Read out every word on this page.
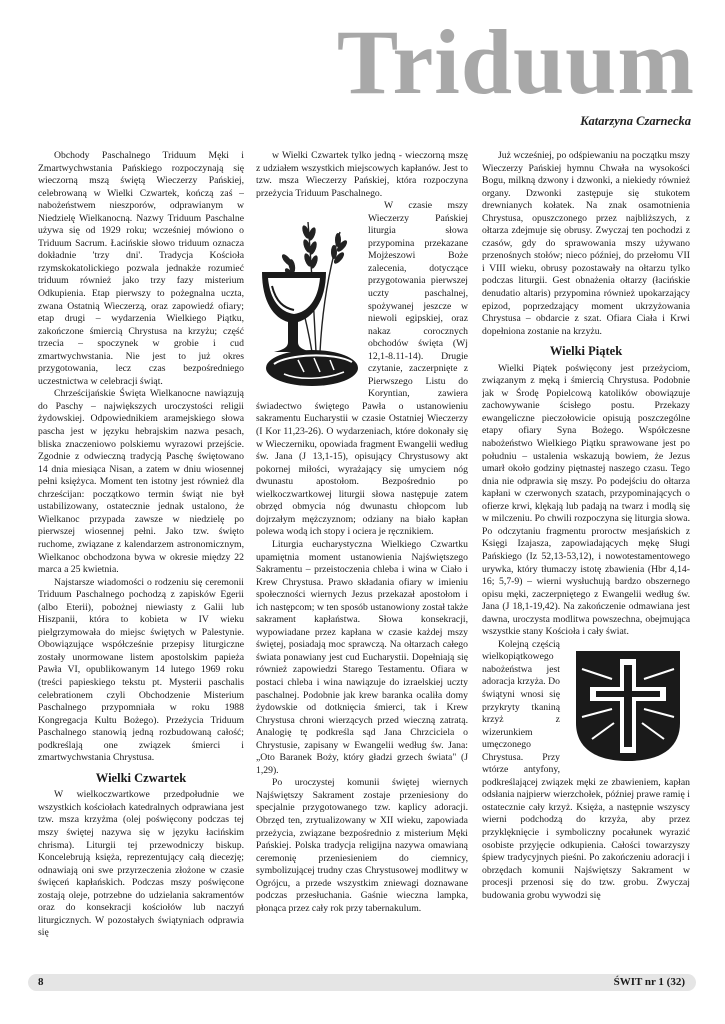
Triduum

Katarzyna Czarnecka

Obchody Paschalnego Triduum Męki i Zmartwychwstania Pańskiego rozpoczynają się wieczorną mszą świętą Wieczerzy Pańskiej, celebrowaną w Wielki Czwartek, kończą zaś – nabożeństwem nieszporów, odprawianym w Niedzielę Wielkanocną. Nazwy Triduum Paschalne używa się od 1929 roku; wcześniej mówiono o Triduum Sacrum. Łacińskie słowo triduum oznacza dokładnie 'trzy dni'. Tradycja Kościoła rzymskokatolickiego pozwala jednakże rozumieć triduum również jako trzy fazy misterium Odkupienia. Etap pierwszy to pożegnalna uczta, zwana Ostatnią Wieczerzą, oraz zapowiedź ofiary; etap drugi – wydarzenia Wielkiego Piątku, zakończone śmiercią Chrystusa na krzyżu; część trzecia – spoczynek w grobie i cud zmartwychwstania. Nie jest to już okres przygotowania, lecz czas bezpośredniego uczestnictwa w celebracji świąt.

Chrześcijańskie Święta Wielkanocne nawiązują do Paschy – największych uroczystości religii żydowskiej. Odpowiednikiem aramejskiego słowa pascha jest w języku hebrajskim nazwa pesach, bliska znaczeniowo polskiemu wyrazowi przejście. Zgodnie z odwieczną tradycją Paschę świętowano 14 dnia miesiąca Nisan, a zatem w dniu wiosennej pełni księżyca. Moment ten istotny jest również dla chrześcijan: początkowo termin świąt nie był ustabilizowany, ostatecznie jednak ustalono, że Wielkanoc przypada zawsze w niedzielę po pierwszej wiosennej pełni. Jako tzw. święto ruchome, związane z kalendarzem astronomicznym, Wielkanoc obchodzona bywa w okresie między 22 marca a 25 kwietnia.

Najstarsze wiadomości o rodzeniu się ceremonii Triduum Paschalnego pochodzą z zapisków Egerii (albo Eterii), pobożnej niewiasty z Galii lub Hiszpanii, która to kobieta w IV wieku pielgrzymowała do miejsc świętych w Palestynie. Obowiązujące współcześnie przepisy liturgiczne zostały unormowane listem apostolskim papieża Pawła VI, opublikowanym 14 lutego 1969 roku (treści papieskiego tekstu pt. Mysterii paschalis celebrationem czyli Obchodzenie Misterium Paschalnego przypomniała w roku 1988 Kongregacja Kultu Bożego). Przeżycia Triduum Paschalnego stanowią jedną rozbudowaną całość; podkreślają one związek śmierci i zmartwychwstania Chrystusa.

Wielki Czwartek

W wielkoczwartkowe przedpołudnie we wszystkich kościołach katedralnych odprawiana jest tzw. msza krzyżma (olej poświęcony podczas tej mszy świętej nazywa się w języku łacińskim chrisma). Liturgii tej przewodniczy biskup. Koncelebrują księża, reprezentujący całą diecezję; odnawiają oni swe przyrzeczenia złożone w czasie święceń kapłańskich. Podczas mszy poświęcone zostają oleje, potrzebne do udzielania sakramentów oraz do konsekracji kościołów lub naczyń liturgicznych. W pozostałych świątyniach odprawia się

w Wielki Czwartek tylko jedną - wieczorną mszę z udziałem wszystkich miejscowych kapłanów. Jest to tzw. mszа Wieczerzy Pańskiej, która rozpoczyna przeżycia Triduum Paschalnego.

W czasie mszy Wieczerzy Pańskiej liturgia słowa przypomina przekazane Mojżeszowi Boże zalecenia, dotyczące przygotowania pierwszej uczty paschalnej, spożywanej jeszcze w niewoli egipskiej, oraz nakaz corocznych obchodów święta (Wj 12,1-8.11-14). Drugie czytanie, zaczerpnięte z Pierwszego Listu do Koryntian, zawiera świadectwo świętego Pawła o ustanowieniu sakramentu Eucharystii w czasie Ostatniej Wieczerzy (I Kor 11,23-26). O wydarzeniach, które dokonały się w Wieczerniku, opowiada fragment Ewangelii według św. Jana (J 13,1-15), opisujący Chrystusowy akt pokornej miłości, wyrażający się umyciem nóg dwunastu apostołom. Bezpośrednio po wielkoczwartkowej liturgii słowa następuje zatem obrzęd obmycia nóg dwunastu chłopcom lub dojrzałym mężczyznom; odziany na biało kapłan polewa wodą ich stopy i ociera je ręcznikiem.

Liturgia eucharystyczna Wielkiego Czwartku upamiętnia moment ustanowienia Najświętszego Sakramentu – przeistoczenia chleba i wina w Ciało i Krew Chrystusa. Prawo składania ofiary w imieniu społeczności wiernych Jezus przekazał apostołom i ich następcom; w ten sposób ustanowiony został także sakrament kapłaństwa. Słowa konsekracji, wypowiadane przez kapłana w czasie każdej mszy świętej, posiadają moc sprawczą. Na ołtarzach całego świata ponawiany jest cud Eucharystii. Dopełniają się również zapowiedzi Starego Testamentu. Ofiara w postaci chleba i wina nawiązuje do izraelskiej uczty paschalnej. Podobnie jak krew baranka ocaliła domy żydowskie od dotknięcia śmierci, tak i Krew Chrystusa chroni wierzących przed wieczną zatratą. Analogię tę podkreśla sąd Jana Chrzciciela o Chrystusie, zapisany w Ewangelii według św. Jana: „Oto Baranek Boży, który gładzi grzech świata" (J 1,29).

Po uroczystej komunii świętej wiernych Najświętszy Sakrament zostaje przeniesiony do specjalnie przygotowanego tzw. kaplicy adoracji. Obrzęd ten, zrytualizowany w XII wieku, zapowiada przeżycia, związane bezpośrednio z misterium Męki Pańskiej. Polska tradycja religijna nazywa omawianą ceremonię przeniesieniem do ciemnicy, symbolizującej trudny czas Chrystusowej modlitwy w Ogrójcu, a przede wszystkim zniewagi doznawane podczas przesłuchania. Gaśnie wieczna lampka, płonąca przez cały rok przy tabernakulum.

Już wcześniej, po odśpiewaniu na początku mszy Wieczerzy Pańskiej hymnu Chwała na wysokości Bogu, milkną dzwony i dzwonki, a niekiedy również organy. Dzwonki zastępuje się stukotem drewnianych kołatek. Na znak osamotnienia Chrystusa, opuszczonego przez najbliższych, z ołtarza zdejmuje się obrusy. Zwyczaj ten pochodzi z czasów, gdy do sprawowania mszy używano przenośnych stołów; nieco później, do przełomu VII i VIII wieku, obrusy pozostawały na ołtarzu tylko podczas liturgii. Gest obnażenia ołtarzy (łacińskie denudatio altaris) przypomina również upokarzający epizod, poprzedzający moment ukrzyżowania Chrystusa – obdarcie z szat. Ofiara Ciała i Krwi dopełniona zostanie na krzyżu.

Wielki Piątek

Wielki Piątek poświęcony jest przeżyciom, związanym z męką i śmiercią Chrystusa. Podobnie jak w Środę Popielcową katolików obowiązuje zachowywanie ścisłego postu. Przekazy ewangeliczne pieczołowicie opisują poszczególne etapy ofiary Syna Bożego. Współczesne nabożeństwo Wielkiego Piątku sprawowane jest po południu – ustalenia wskazują bowiem, że Jezus umarł około godziny piętnastej naszego czasu. Tego dnia nie odprawia się mszy. Po podejściu do ołtarza kapłani w czerwonych szatach, przypominających o ofierze krwi, klękają lub padają na twarz i modlą się w milczeniu. Po chwili rozpoczyna się liturgia słowa. Po odczytaniu fragmentu proroctw mesjańskich z Księgi Izajasza, zapowiadających mękę Sługi Pańskiego (Iz 52,13-53,12), i nowotestamentowego urywka, który tłumaczy istotę zbawienia (Hbr 4,14-16; 5,7-9) – wierni wysłuchują bardzo obszernego opisu męki, zaczerpniętego z Ewangelii według św. Jana (J 18,1-19,42). Na zakończenie odmawiana jest dawna, uroczysta modlitwa powszechna, obejmująca wszystkie stany Kościoła i cały świat.

Kolejną częścią wielkopiątkowego nabożeństwa jest adoracja krzyża. Do świątyni wnosi się przykryty tkaniną krzyż z wizerunkiem umęczonego Chrystusa. Przy wtórze antyfony, podkreślającej związek męki ze zbawieniem, kapłan odsłania najpierw wierzchołek, później prawe ramię i ostatecznie cały krzyż. Księża, a następnie wszyscy wierni podchodzą do krzyża, aby przez przyklęknięcie i symboliczny pocałunek wyrazić osobiste przyjęcie odkupienia. Całości towarzyszy śpiew tradycyjnych pieśni. Po zakończeniu adoracji i obrzędach komunii Najświętszy Sakrament w procesji przenosi się do tzw. grobu. Zwyczaj budowania grobu wywodzi się

8	ŚWIT nr 1 (32)
